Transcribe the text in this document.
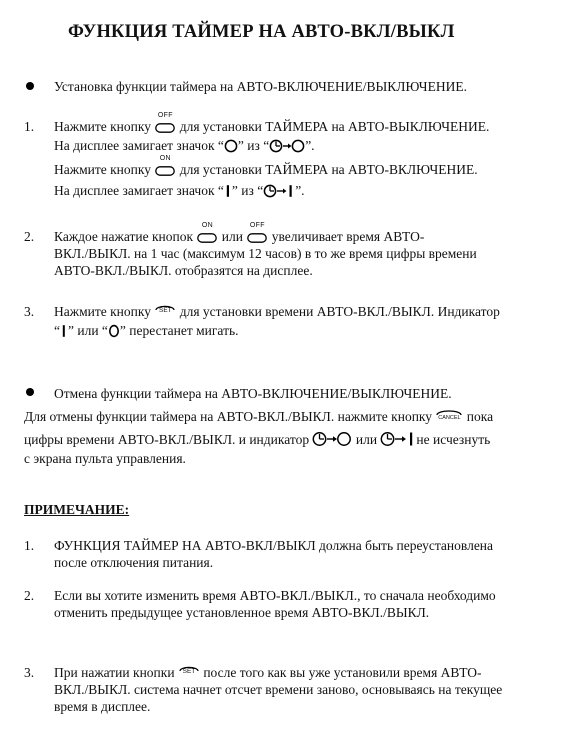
ФУНКЦИЯ ТАЙМЕР НА АВТО-ВКЛ/ВЫКЛ
Установка функции таймера на АВТО-ВКЛЮЧЕНИЕ/ВЫКЛЮЧЕНИЕ.
1. Нажмите кнопку
OFF
для установки ТАЙМЕРА на АВТО-ВЫКЛЮЧЕНИЕ.
На дисплее замигает значок “ ” из “	”.
Нажмите кнопку
ON
для установки ТАЙМЕРА на АВТО-ВКЛЮЧЕНИЕ.
На дисплее замигает значок “ ” из “ ”.
2. Каждое нажатие кнопок
ON
или
OFF
увеличивает время АВТО-
ВКЛ./ВЫКЛ. на 1 час (максимум 12 часов) в то же время цифры времени
АВТО-ВКЛ./ВЫКЛ. отобразятся на дисплее.
3. Нажмите кнопку	SET для установки времени АВТО-ВКЛ./ВЫКЛ. Индикатор
“ ” или “ ” перестанет мигать.
Отмена функции таймера на АВТО-ВКЛЮЧЕНИЕ/ВЫКЛЮЧЕНИЕ.
Для отмены функции таймера на АВТО-ВКЛ./ВЫКЛ. нажмите кнопку	CANCEL пока
цифры времени АВТО-ВКЛ./ВЫКЛ. и индикатор	или	не исчезнуть
с экрана пульта управления.
ПРИМЕЧАНИЕ:
1. ФУНКЦИЯ ТАЙМЕР НА АВТО-ВКЛ/ВЫКЛ должна быть переустановлена
после отключения питания.
2. Если вы хотите изменить время АВТО-ВКЛ./ВЫКЛ., то сначала необходимо
отменить предыдущее установленное время АВТО-ВКЛ./ВЫКЛ.
3. При нажатии кнопки	SET после того как вы уже установили время АВТО-
ВКЛ./ВЫКЛ. система начнет отсчет времени заново, основываясь на текущее
время в дисплее.
